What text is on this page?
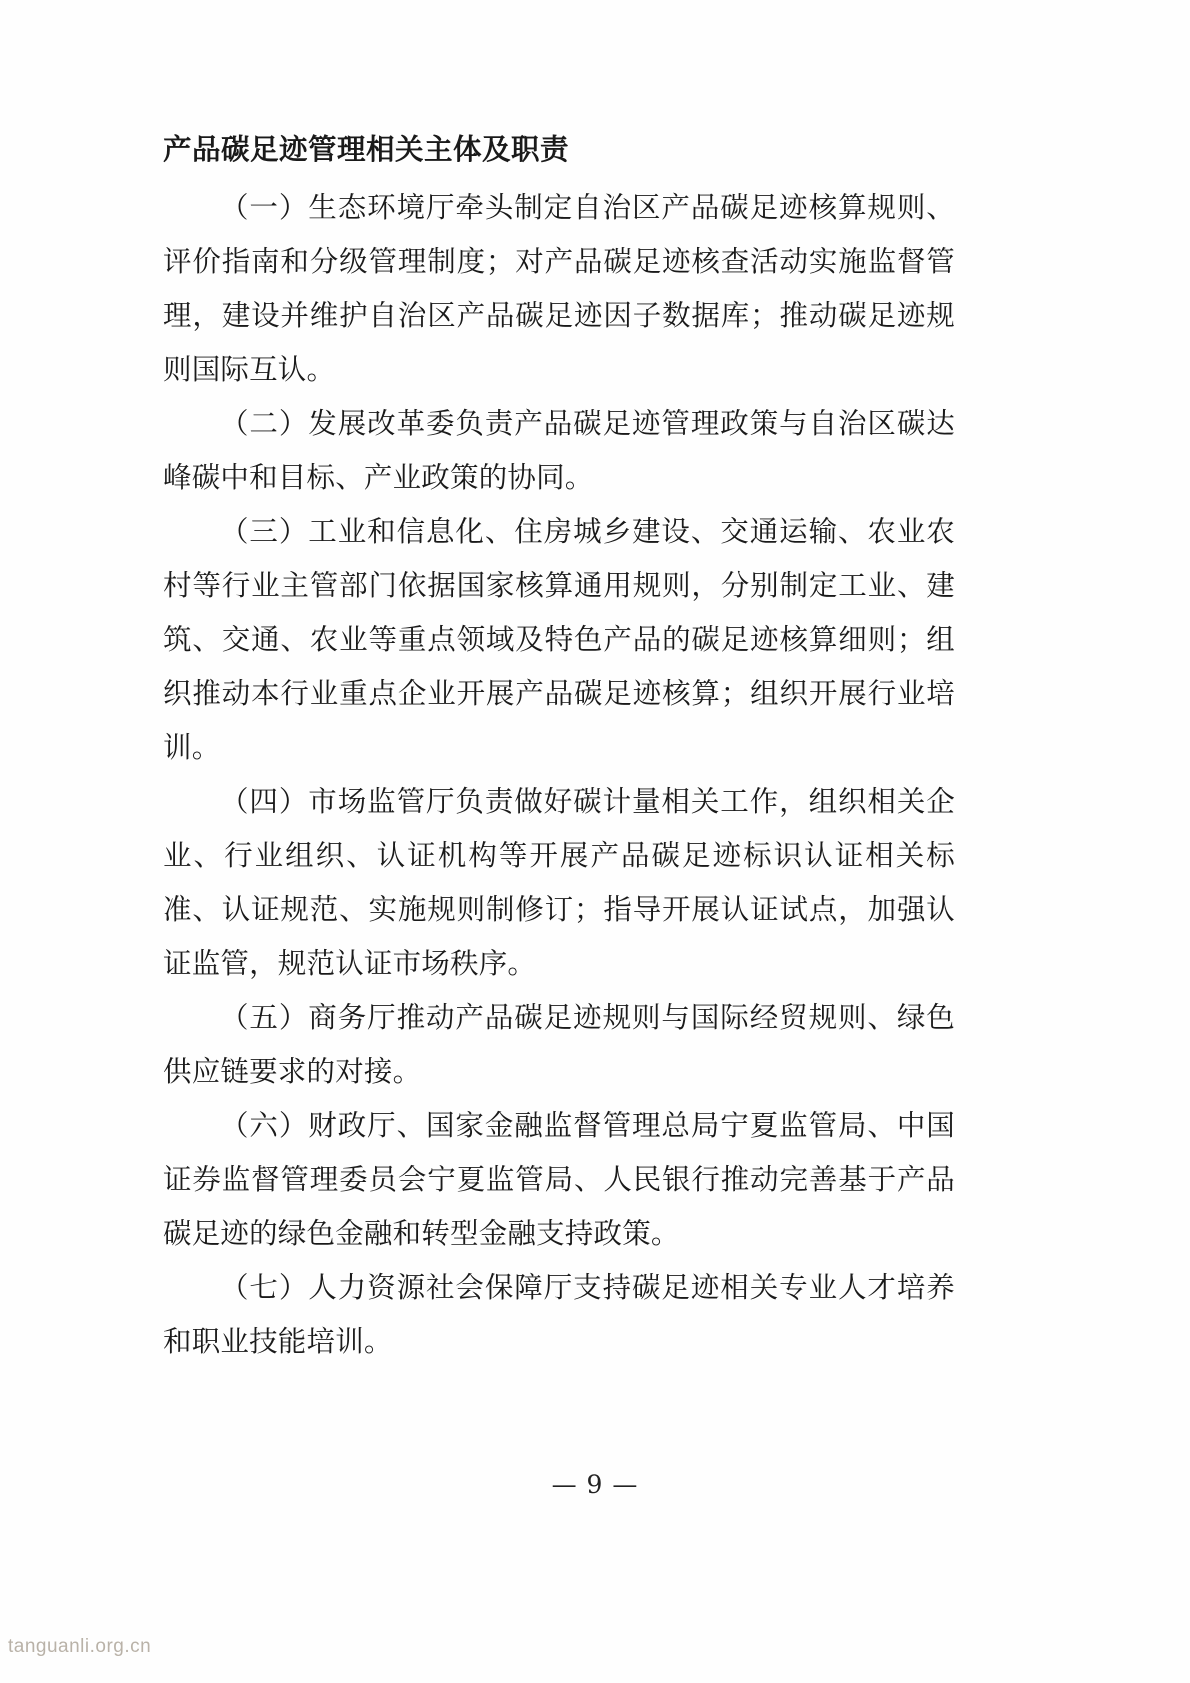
产品碳足迹管理相关主体及职责

（一）生态环境厅牵头制定自治区产品碳足迹核算规则、评价指南和分级管理制度；对产品碳足迹核查活动实施监督管理，建设并维护自治区产品碳足迹因子数据库；推动碳足迹规则国际互认。

（二）发展改革委负责产品碳足迹管理政策与自治区碳达峰碳中和目标、产业政策的协同。

（三）工业和信息化、住房城乡建设、交通运输、农业农村等行业主管部门依据国家核算通用规则，分别制定工业、建筑、交通、农业等重点领域及特色产品的碳足迹核算细则；组织推动本行业重点企业开展产品碳足迹核算；组织开展行业培训。

（四）市场监管厅负责做好碳计量相关工作，组织相关企业、行业组织、认证机构等开展产品碳足迹标识认证相关标准、认证规范、实施规则制修订；指导开展认证试点，加强认证监管，规范认证市场秩序。

（五）商务厅推动产品碳足迹规则与国际经贸规则、绿色供应链要求的对接。

（六）财政厅、国家金融监督管理总局宁夏监管局、中国证券监督管理委员会宁夏监管局、人民银行推动完善基于产品碳足迹的绿色金融和转型金融支持政策。

（七）人力资源社会保障厅支持碳足迹相关专业人才培养和职业技能培训。

— 9 —
tanguanli.org.cn
